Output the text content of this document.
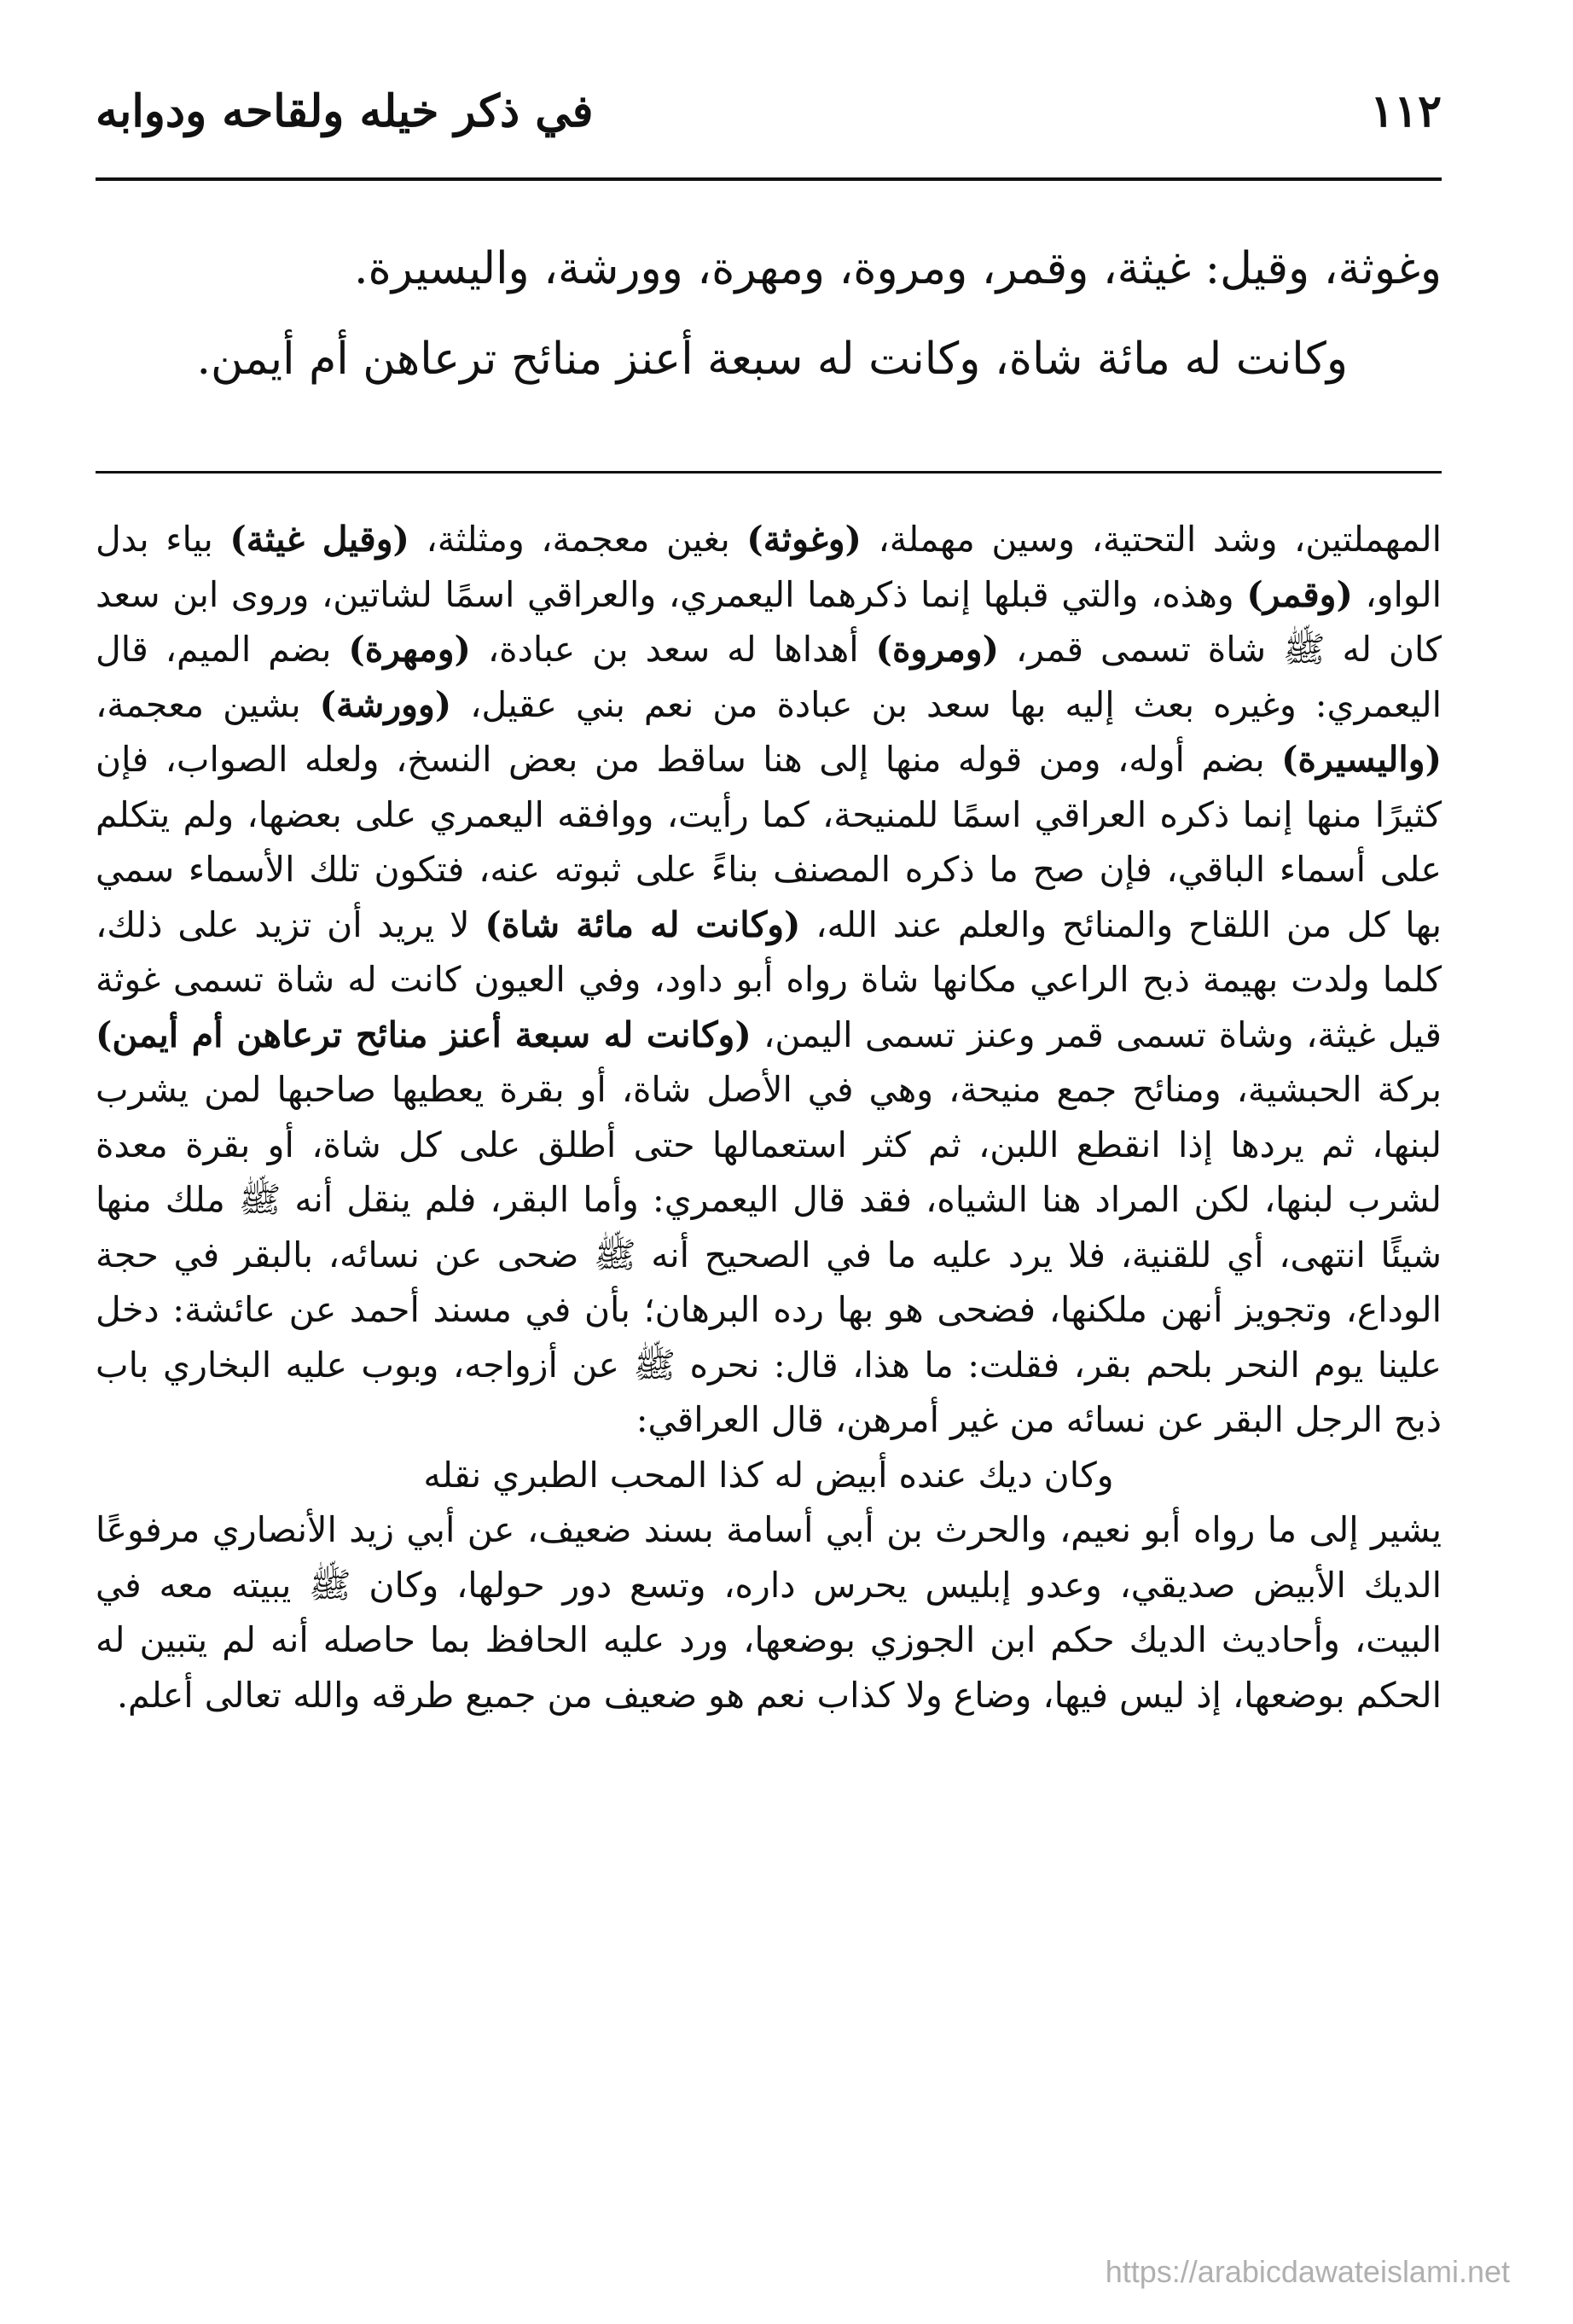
١١٢
في ذكر خيله ولقاحه ودوابه

وغوثة، وقيل: غيثة، وقمر، ومروة، ومهرة، وورشة، واليسيرة.

وكانت له مائة شاة، وكانت له سبعة أعنز منائح ترعاهن أم أيمن.

المهملتين، وشد التحتية، وسين مهملة، (وغوثة) بغين معجمة، ومثلثة، (وقيل غيثة) بياء بدل الواو، (وقمر) وهذه، والتي قبلها إنما ذكرهما اليعمري، والعراقي اسمًا لشاتين، وروى ابن سعد كان له ﷺ شاة تسمى قمر، (ومروة) أهداها له سعد بن عبادة، (ومهرة) بضم الميم، قال اليعمري: وغيره بعث إليه بها سعد بن عبادة من نعم بني عقيل، (وورشة) بشين معجمة، (واليسيرة) بضم أوله، ومن قوله منها إلى هنا ساقط من بعض النسخ، ولعله الصواب، فإن كثيرًا منها إنما ذكره العراقي اسمًا للمنيحة، كما رأيت، ووافقه اليعمري على بعضها، ولم يتكلم على أسماء الباقي، فإن صح ما ذكره المصنف بناءً على ثبوته عنه، فتكون تلك الأسماء سمي بها كل من اللقاح والمنائح والعلم عند الله، (وكانت له مائة شاة) لا يريد أن تزيد على ذلك، كلما ولدت بهيمة ذبح الراعي مكانها شاة رواه أبو داود، وفي العيون كانت له شاة تسمى غوثة قيل غيثة، وشاة تسمى قمر وعنز تسمى اليمن، (وكانت له سبعة أعنز منائح ترعاهن أم أيمن) بركة الحبشية، ومنائح جمع منيحة، وهي في الأصل شاة، أو بقرة يعطيها صاحبها لمن يشرب لبنها، ثم يردها إذا انقطع اللبن، ثم كثر استعمالها حتى أطلق على كل شاة، أو بقرة معدة لشرب لبنها، لكن المراد هنا الشياه، فقد قال اليعمري: وأما البقر، فلم ينقل أنه ﷺ ملك منها شيئًا انتهى، أي للقنية، فلا يرد عليه ما في الصحيح أنه ﷺ ضحى عن نسائه، بالبقر في حجة الوداع، وتجويز أنهن ملكنها، فضحى هو بها رده البرهان؛ بأن في مسند أحمد عن عائشة: دخل علينا يوم النحر بلحم بقر، فقلت: ما هذا، قال: نحره ﷺ عن أزواجه، وبوب عليه البخاري باب ذبح الرجل البقر عن نسائه من غير أمرهن، قال العراقي:

وكان ديك عنده أبيض له كذا المحب الطبري نقله

يشير إلى ما رواه أبو نعيم، والحرث بن أبي أسامة بسند ضعيف، عن أبي زيد الأنصاري مرفوعًا الديك الأبيض صديقي، وعدو إبليس يحرس داره، وتسع دور حولها، وكان ﷺ يبيته معه في البيت، وأحاديث الديك حكم ابن الجوزي بوضعها، ورد عليه الحافظ بما حاصله أنه لم يتبين له الحكم بوضعها، إذ ليس فيها، وضاع ولا كذاب نعم هو ضعيف من جميع طرقه والله تعالى أعلم.

https://arabicdawateislami.net
